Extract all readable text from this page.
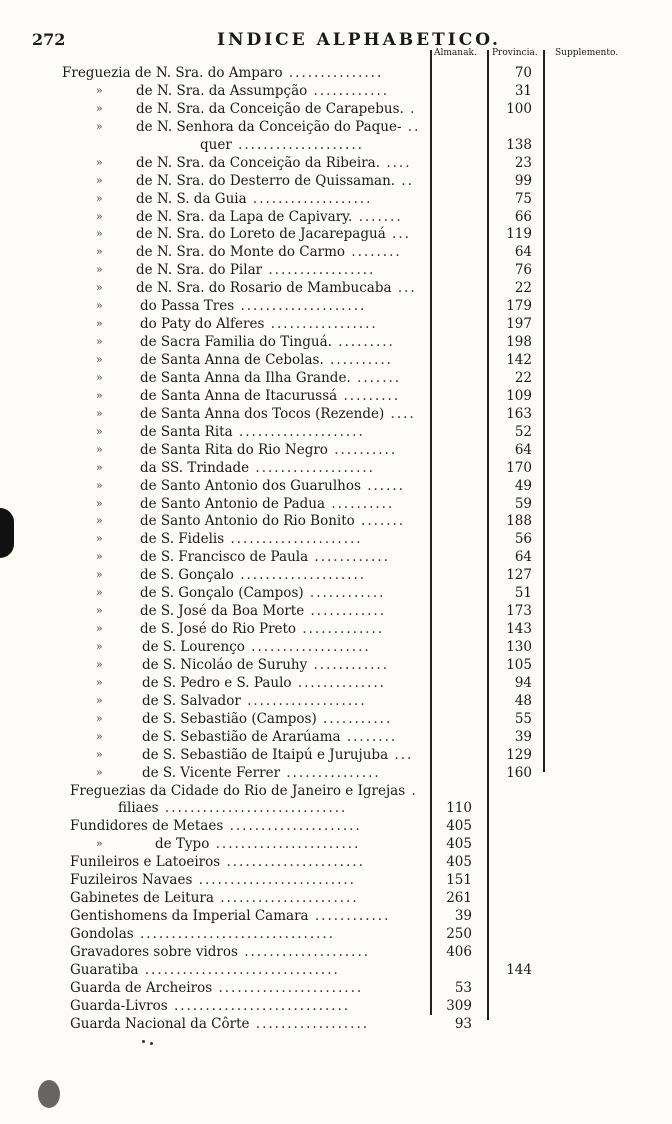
272	INDICE ALPHABETICO.
Almanak. Provincia. Supplemento.
Freguezia de N. Sra. do Amparo ...............	70
» de N. Sra. da Assumpção ............	31
» de N. Sra. da Conceição de Carapebus. .	100
» de N. Senhora da Conceição do Paque- ..
quer ....................	138
» de N. Sra. da Conceição da Ribeira. ....	23
» de N. Sra. do Desterro de Quissaman. ..	99
» de N. S. da Guia ...................	75
» de N. Sra. da Lapa de Capivary. .......	66
» de N. Sra. do Loreto de Jacarepaguá ...	119
» de N. Sra. do Monte do Carmo ........	64
» de N. Sra. do Pilar .................	76
» de N. Sra. do Rosario de Mambucaba ...	22
»	do Passa Tres ....................	179
»	do Paty do Alferes .................	197
»	de Sacra Familia do Tinguá. .........	198
»	de Santa Anna de Cebolas. ..........	142
»	de Santa Anna da Ilha Grande. .......	22
»	de Santa Anna de Itacurussá .........	109
»	de Santa Anna dos Tocos (Rezende) ....	163
»	de Santa Rita ....................	52
»	de Santa Rita do Rio Negro ..........	64
»	da SS. Trindade ...................	170
»	de Santo Antonio dos Guarulhos ......	49
»	de Santo Antonio de Padua ..........	59
»	de Santo Antonio do Rio Bonito .......	188
»	de S. Fidelis .....................	56
»	de S. Francisco de Paula ............	64
»	de S. Gonçalo ....................	127
»	de S. Gonçalo (Campos) ............	51
»	de S. José da Boa Morte ............	173
»	de S. José do Rio Preto .............	143
»	de S. Lourenço ...................	130
»	de S. Nicoláo de Suruhy ............	105
»	de S. Pedro e S. Paulo ..............	94
»	de S. Salvador ...................	48
»	de S. Sebastião (Campos) ...........	55
»	de S. Sebastião de Ararúama ........	39
»	de S. Sebastião de Itaipú e Jurujuba ...	129
»	de S. Vicente Ferrer ...............	160
Freguezias da Cidade do Rio de Janeiro e Igrejas .
filiaes .............................	110
Fundidores de Metaes .....................	405
»	de Typo .......................	405
Funileiros e Latoeiros ......................	405
Fuzileiros Navaes .........................	151
Gabinetes de Leitura ......................	261
Gentishomens da Imperial Camara ............	39
Gondolas ...............................	250
Gravadores sobre vidros ....................	406
Guaratiba ...............................	144
Guarda de Archeiros .......................	53
Guarda-Livros ............................	309
Guarda Nacional da Côrte ..................	93
